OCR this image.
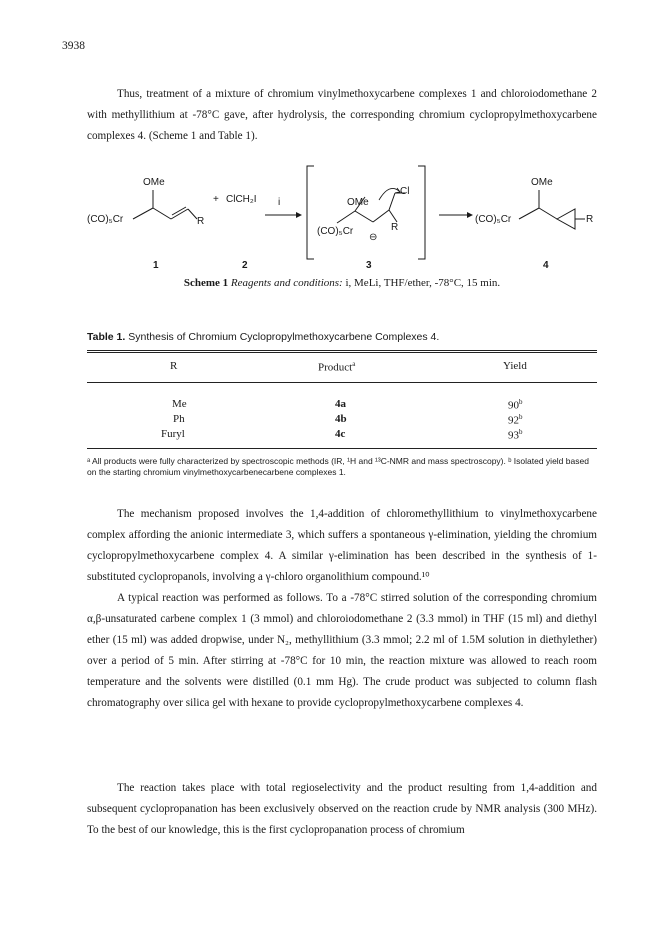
3938

Thus, treatment of a mixture of chromium vinylmethoxycarbene complexes 1 and chloroiodomethane 2 with methyllithium at -78°C gave, after hydrolysis, the corresponding chromium cyclopropylmethoxycarbene complexes 4. (Scheme 1 and Table 1).

OMe
(CO)₅Cr	R
+ ClCH₂I i
Cl
OMe
(CO)₅Cr
⊖
R
OMe
(CO)₅Cr	R
1	2	3	4
Scheme 1 Reagents and conditions: i, MeLi, THF/ether, -78°C, 15 min.
Table 1. Synthesis of Chromium Cyclopropylmethoxycarbene Complexes 4.
R	Product$^a$	Yield
Me	4a	90$^b$
Ph	4b	92$^b$
Furyl	4c	93$^b$
ᵃ All products were fully characterized by spectroscopic methods (IR, ¹H and ¹³C-NMR and mass spectroscopy). ᵇ Isolated yield based on the starting chromium vinylmethoxycarbenecarbene complexes 1.

The mechanism proposed involves the 1,4-addition of chloromethyllithium to vinylmethoxycarbene complex affording the anionic intermediate 3, which suffers a spontaneous γ-elimination, yielding the chromium cyclopropylmethoxycarbene complex 4. A similar γ-elimination has been described in the synthesis of 1-substituted cyclopropanols, involving a γ-chloro organolithium compound.¹⁰

A typical reaction was performed as follows. To a -78°C stirred solution of the corresponding chromium α,β-unsaturated carbene complex 1 (3 mmol) and chloroiodomethane 2 (3.3 mmol) in THF (15 ml) and diethyl ether (15 ml) was added dropwise, under N₂, methyllithium (3.3 mmol; 2.2 ml of 1.5M solution in diethylether) over a period of 5 min. After stirring at -78°C for 10 min, the reaction mixture was allowed to reach room temperature and the solvents were distilled (0.1 mm Hg). The crude product was subjected to column flash chromatography over silica gel with hexane to provide cyclopropylmethoxycarbene complexes 4.

The reaction takes place with total regioselectivity and the product resulting from 1,4-addition and subsequent cyclopropanation has been exclusively observed on the reaction crude by NMR analysis (300 MHz). To the best of our knowledge, this is the first cyclopropanation process of chromium
